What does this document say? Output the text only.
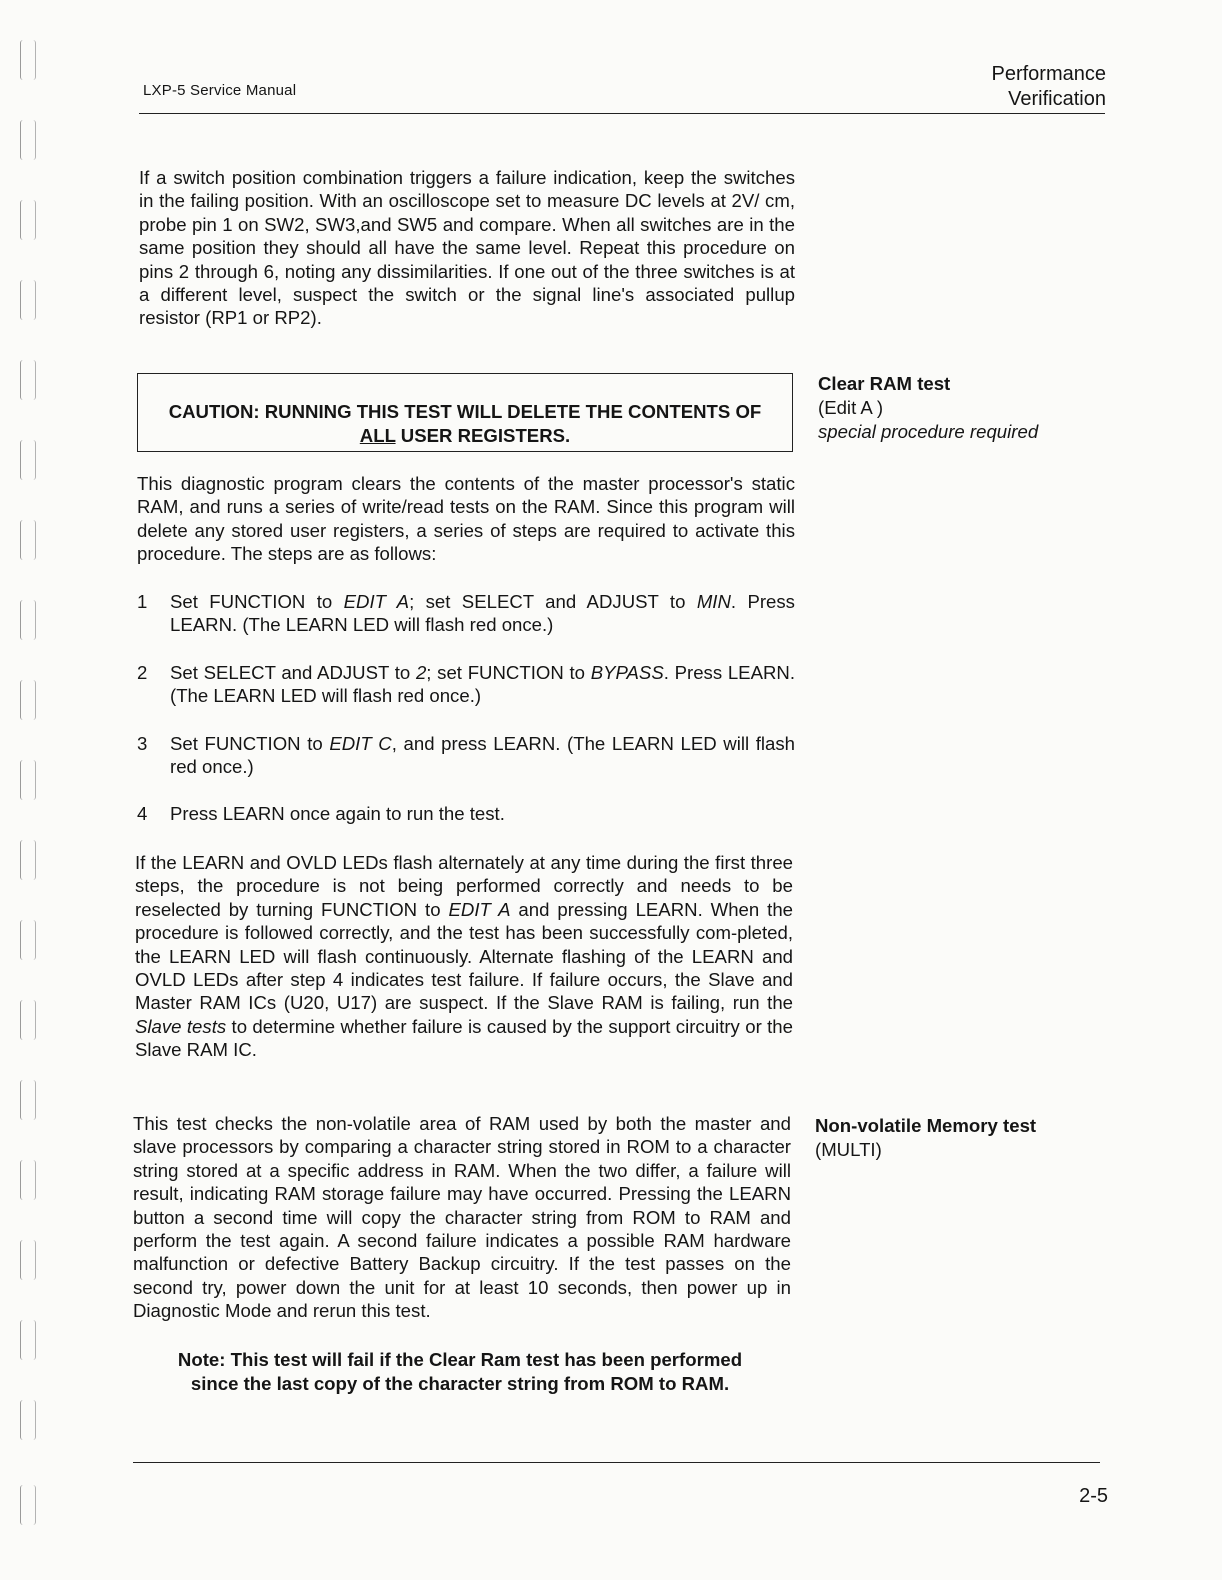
LXP-5 Service Manual
Performance
Verification
If a switch position combination triggers a failure indication, keep the switches in the failing position. With an oscilloscope set to measure DC levels at 2V/ cm, probe pin 1 on SW2, SW3,and SW5 and compare. When all switches are in the same position they should all have the same level. Repeat this procedure on pins 2 through 6, noting any dissimilarities. If one out of the three switches is at a different level, suspect the switch or the signal line's associated pullup resistor (RP1 or RP2).
CAUTION: RUNNING THIS TEST WILL DELETE THE CONTENTS OF
ALL USER REGISTERS.
Clear RAM test
(Edit A )
special procedure required
This diagnostic program clears the contents of the master processor's static RAM, and runs a series of write/read tests on the RAM. Since this program will delete any stored user registers, a series of steps are required to activate this procedure. The steps are as follows:
1	Set FUNCTION to EDIT A; set SELECT and ADJUST to MIN. Press LEARN. (The LEARN LED will flash red once.)
2	Set SELECT and ADJUST to 2; set FUNCTION to BYPASS. Press LEARN. (The LEARN LED will flash red once.)
3	Set FUNCTION to EDIT C, and press LEARN. (The LEARN LED will flash red once.)
4	Press LEARN once again to run the test.
If the LEARN and OVLD LEDs flash alternately at any time during the first three steps, the procedure is not being performed correctly and needs to be reselected by turning FUNCTION to EDIT A and pressing LEARN. When the procedure is followed correctly, and the test has been successfully com-pleted, the LEARN LED will flash continuously. Alternate flashing of the LEARN and OVLD LEDs after step 4 indicates test failure. If failure occurs, the Slave and Master RAM ICs (U20, U17) are suspect. If the Slave RAM is failing, run the Slave tests to determine whether failure is caused by the support circuitry or the Slave RAM IC.
Non-volatile Memory test
(MULTI)
This test checks the non-volatile area of RAM used by both the master and slave processors by comparing a character string stored in ROM to a character string stored at a specific address in RAM. When the two differ, a failure will result, indicating RAM storage failure may have occurred. Pressing the LEARN button a second time will copy the character string from ROM to RAM and perform the test again. A second failure indicates a possible RAM hardware malfunction or defective Battery Backup circuitry. If the test passes on the second try, power down the unit for at least 10 seconds, then power up in Diagnostic Mode and rerun this test.
Note: This test will fail if the Clear Ram test has been performed
since the last copy of the character string from ROM to RAM.
2-5
